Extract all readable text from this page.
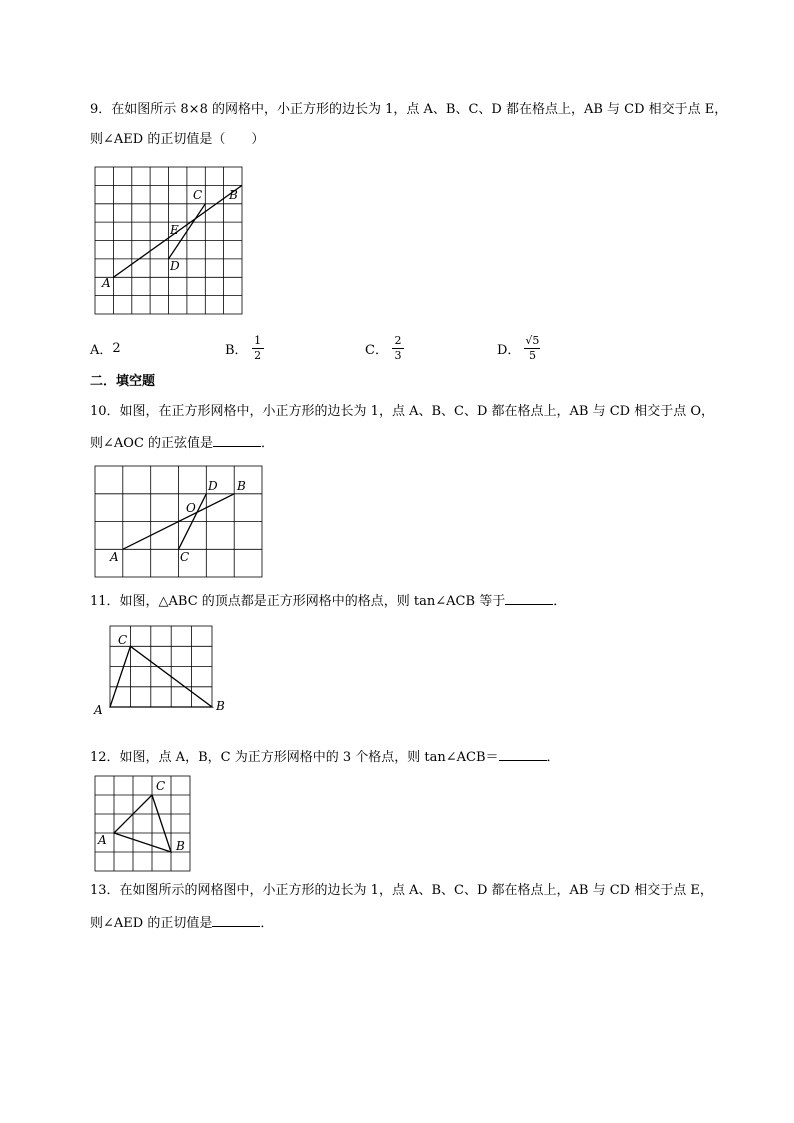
9．在如图所示 8×8 的网格中，小正方形的边长为 1，点 A、B、C、D 都在格点上，AB 与 CD 相交于点 E，
则∠AED 的正切值是（　　）
A
B
C
D
E
A． 2	B． $\frac{1}{2}$	C． $\frac{2}{3}$	D． $\frac{√5}{5}$
二．填空题
10．如图，在正方形网格中，小正方形的边长为 1，点 A、B、C、D 都在格点上，AB 与 CD 相交于点 O，
则∠AOC 的正弦值是	．
A
B
C
D
O
11．如图，△ABC 的顶点都是正方形网格中的格点，则 tan∠ACB 等于	．
A	B
C
12．如图，点 A，B，C 为正方形网格中的 3 个格点，则 tan∠ACB＝	．
A	B
C
13．在如图所示的网格图中，小正方形的边长为 1，点 A、B、C、D 都在格点上，AB 与 CD 相交于点 E，
则∠AED 的正切值是	．
